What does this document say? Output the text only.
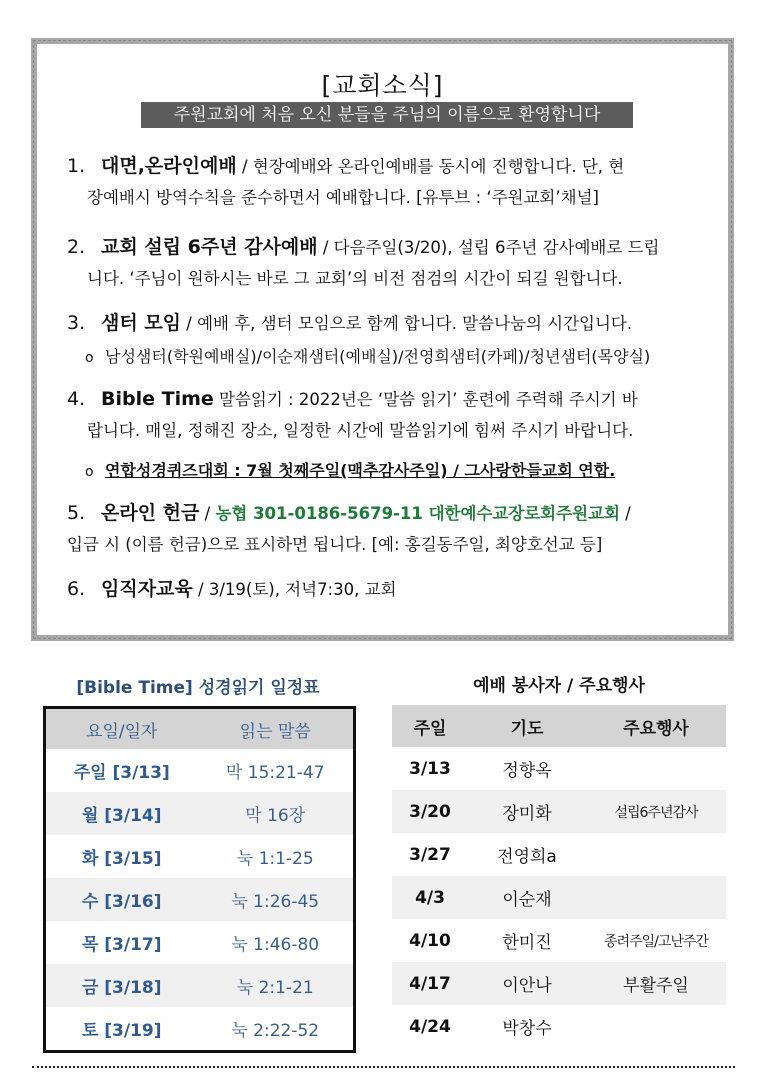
[교회소식]
주원교회에 처음 오신 분들을 주님의 이름으로 환영합니다
1. 대면,온라인예배 / 현장예배와 온라인예배를 동시에 진행합니다. 단, 현
장예배시 방역수칙을 준수하면서 예배합니다. [유투브 : ‘주원교회’채널]
2. 교회 설립 6주년 감사예배 / 다음주일(3/20), 설립 6주년 감사예배로 드립
니다. ‘주님이 원하시는 바로 그 교회’의 비전 점검의 시간이 되길 원합니다.
3. 샘터 모임 / 예배 후, 샘터 모임으로 함께 합니다. 말씀나눔의 시간입니다.
o 남성샘터(학원예배실)/이순재샘터(예배실)/전영희샘터(카페)/청년샘터(목양실)
4. Bible Time 말씀읽기 : 2022년은 ‘말씀 읽기’ 훈련에 주력해 주시기 바
랍니다. 매일, 정해진 장소, 일정한 시간에 말씀읽기에 힘써 주시기 바랍니다.
o 연합성경퀴즈대회 : 7월 첫째주일(맥추감사주일) / 그사랑한들교회 연합.
5. 온라인 헌금 / 농협 301-0186-5679-11 대한예수교장로회주원교회 /
입금 시 (이름 헌금)으로 표시하면 됩니다. [예: 홍길동주일, 최양호선교 등]
6. 임직자교육 / 3/19(토), 저녁7:30, 교회
[Bible Time] 성경읽기 일정표
요일/일자	읽는 말씀
주일 [3/13]	막 15:21-47
월 [3/14]	막 16장
화 [3/15]	눅 1:1-25
수 [3/16]	눅 1:26-45
목 [3/17]	눅 1:46-80
금 [3/18]	눅 2:1-21
토 [3/19]	눅 2:22-52
예배 봉사자 / 주요행사
주일	기도	주요행사
3/13	정향옥	
3/20	장미화	설립6주년감사
3/27	전영희a	
4/3	이순재	
4/10	한미진	종려주일/고난주간
4/17	이안나	부활주일
4/24	박창수	
